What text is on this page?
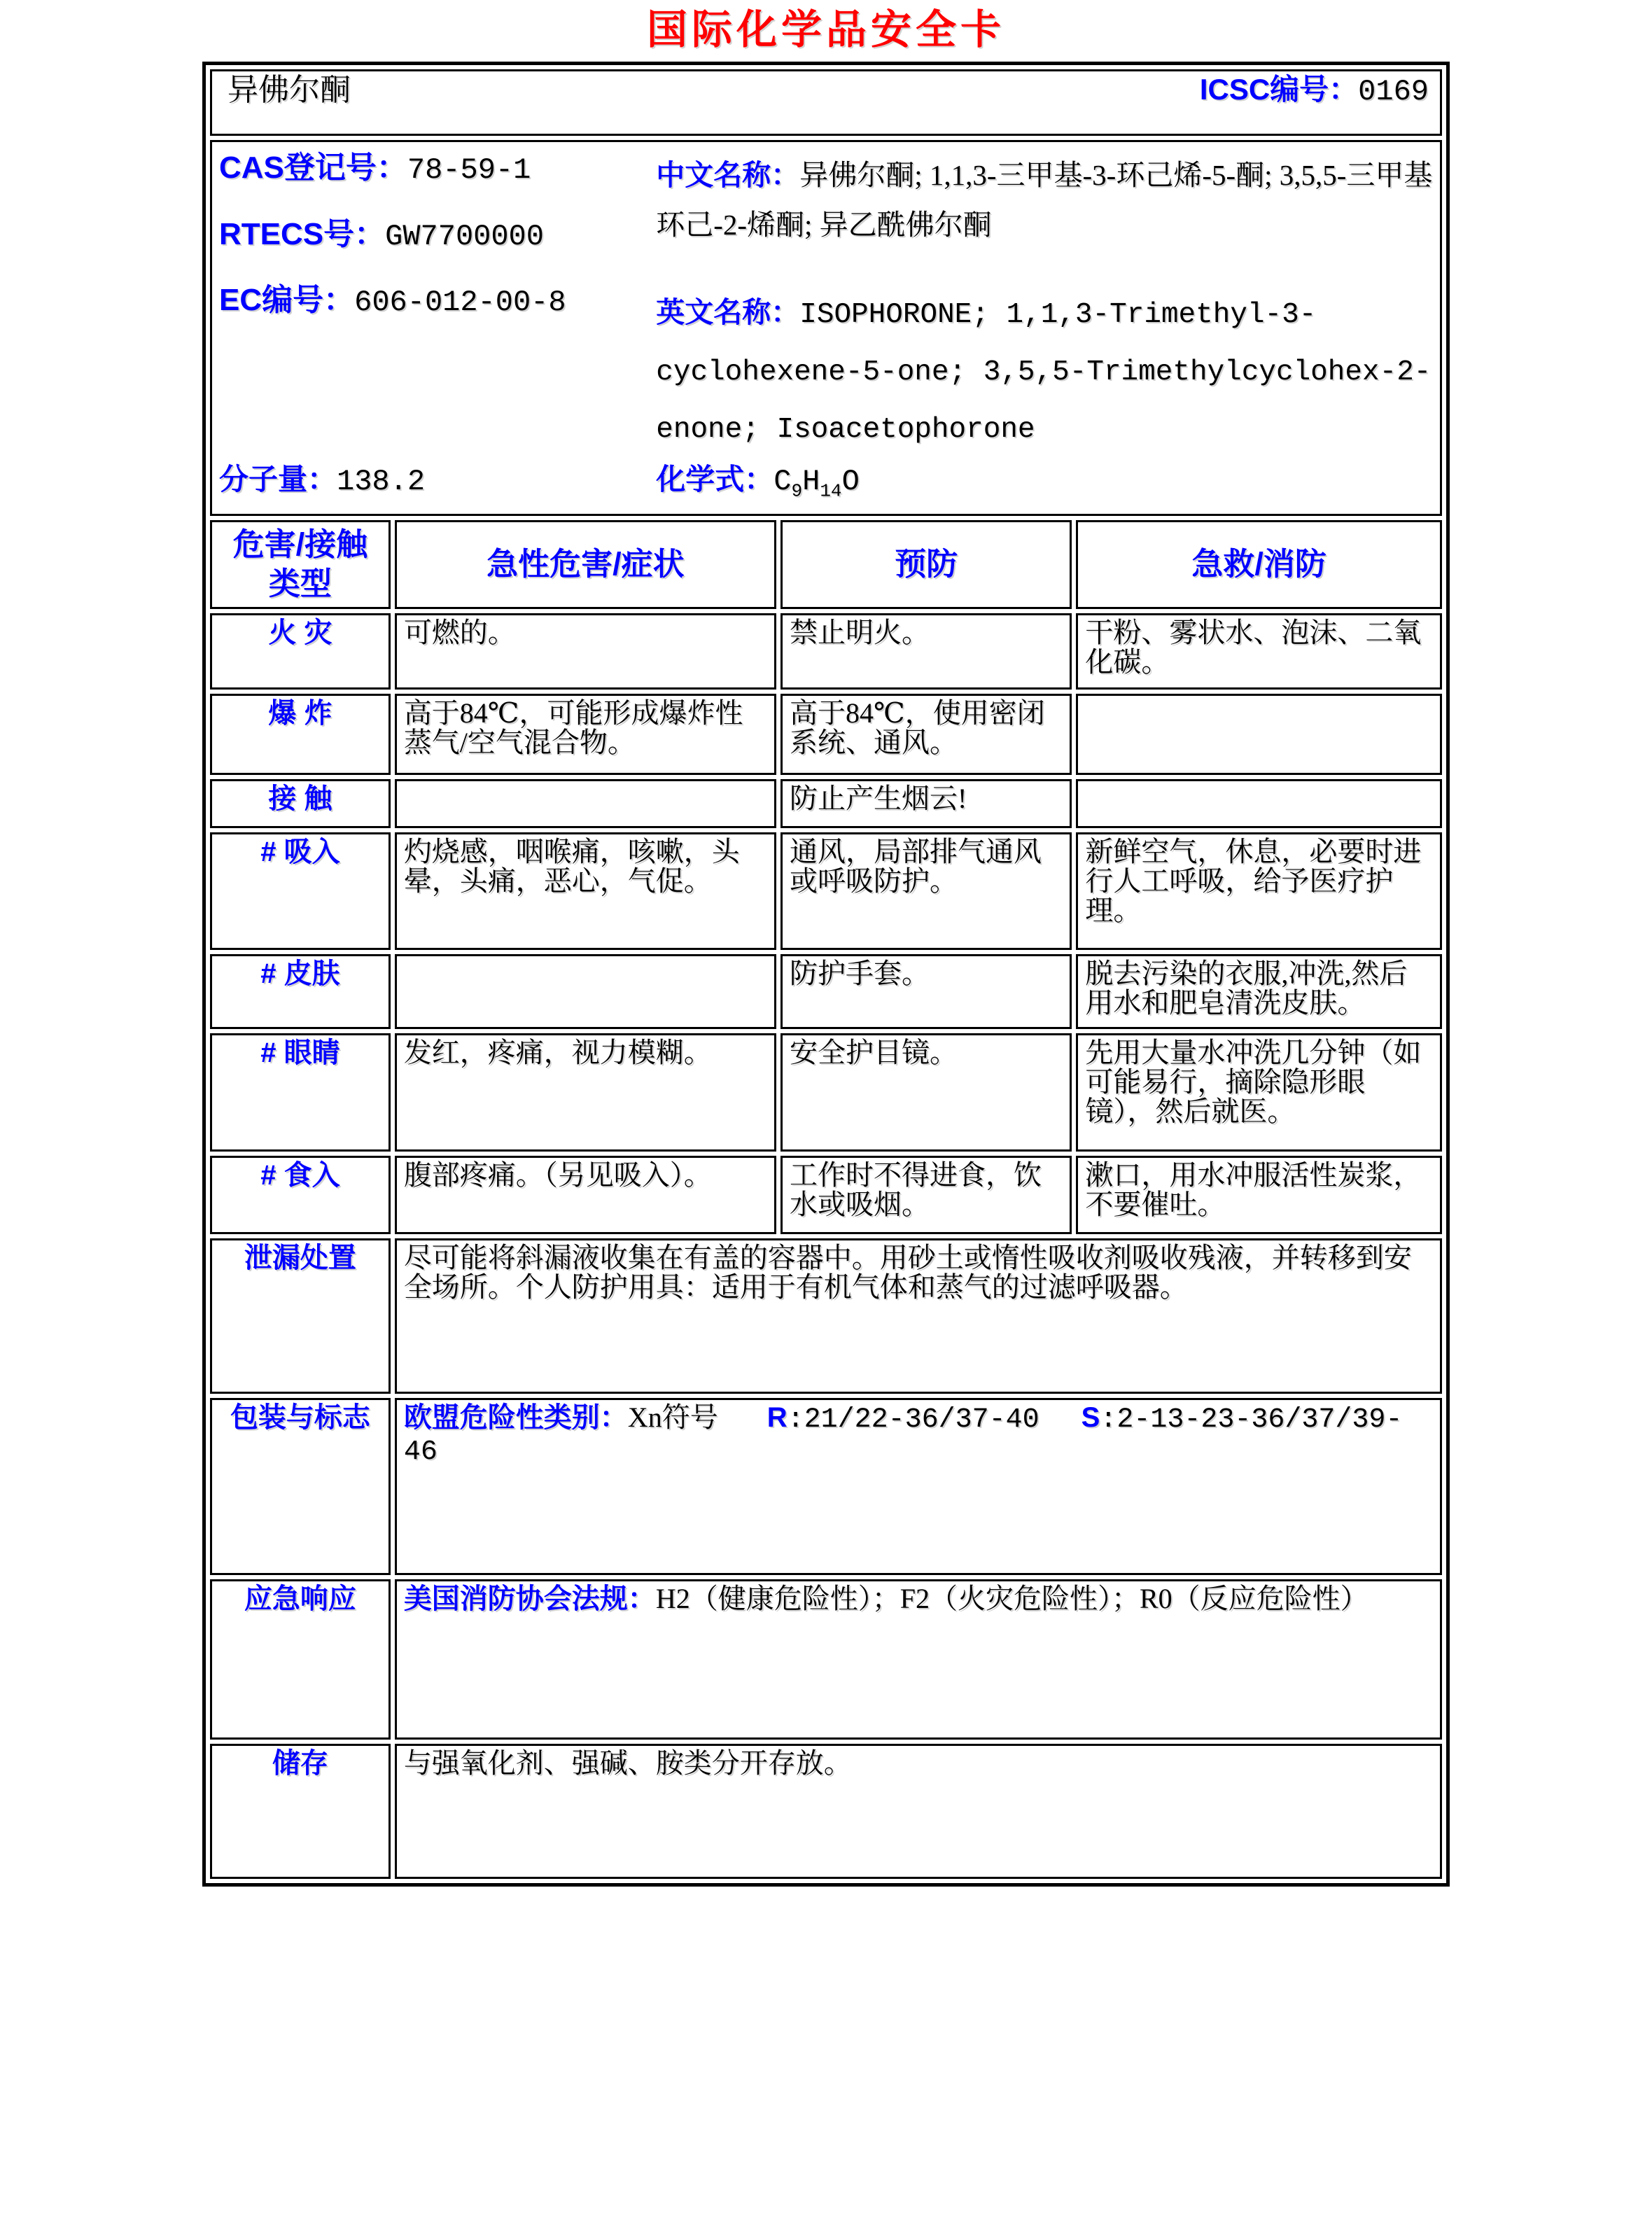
国际化学品安全卡
异佛尔酮 ICSC编号：0169			

CAS登记号：78-59-1
RTECS号：GW7700000
EC编号：606-012-00-8
中文名称：异佛尔酮; 1,1,3-三甲基-3-环己烯-5-酮; 3,5,5-三甲基环己-2-烯酮; 异乙酰佛尔酮
英文名称：ISOPHORONE; 1,1,3-Trimethyl-3-cyclohexene-5-one; 3,5,5-Trimethylcyclohex-2-enone; Isoacetophorone
分子量：138.2	化学式：$C_9H_{14}O$

危害/接触
类型	急性危害/症状	预防	急救/消防
火 灾	可燃的。	禁止明火。	干粉、雾状水、泡沫、二氧化碳。
爆 炸	高于84℃，可能形成爆炸性蒸气/空气混合物。	高于84℃，使用密闭系统、通风。	
接 触		防止产生烟云!	
# 吸入	灼烧感，咽喉痛，咳嗽，头晕，头痛，恶心，气促。	通风，局部排气通风或呼吸防护。	新鲜空气，休息，必要时进行人工呼吸，给予医疗护理。
# 皮肤		防护手套。	脱去污染的衣服,冲洗,然后用水和肥皂清洗皮肤。
# 眼睛	发红，疼痛，视力模糊。	安全护目镜。	先用大量水冲洗几分钟（如可能易行，摘除隐形眼镜），然后就医。
# 食入	腹部疼痛。（另见吸入）。	工作时不得进食，饮水或吸烟。	漱口，用水冲服活性炭浆，不要催吐。
泄漏处置	尽可能将斜漏液收集在有盖的容器中。用砂土或惰性吸收剂吸收残液，并转移到安全场所。个人防护用具：适用于有机气体和蒸气的过滤呼吸器。		
包装与标志	欧盟危险性类别：Xn符号 R:21/22-36/37-40 S:2-13-23-36/37/39-46		
应急响应	美国消防协会法规：H2（健康危险性）；F2（火灾危险性）；R0（反应危险性）		
储存	与强氧化剂、强碱、胺类分开存放。		
